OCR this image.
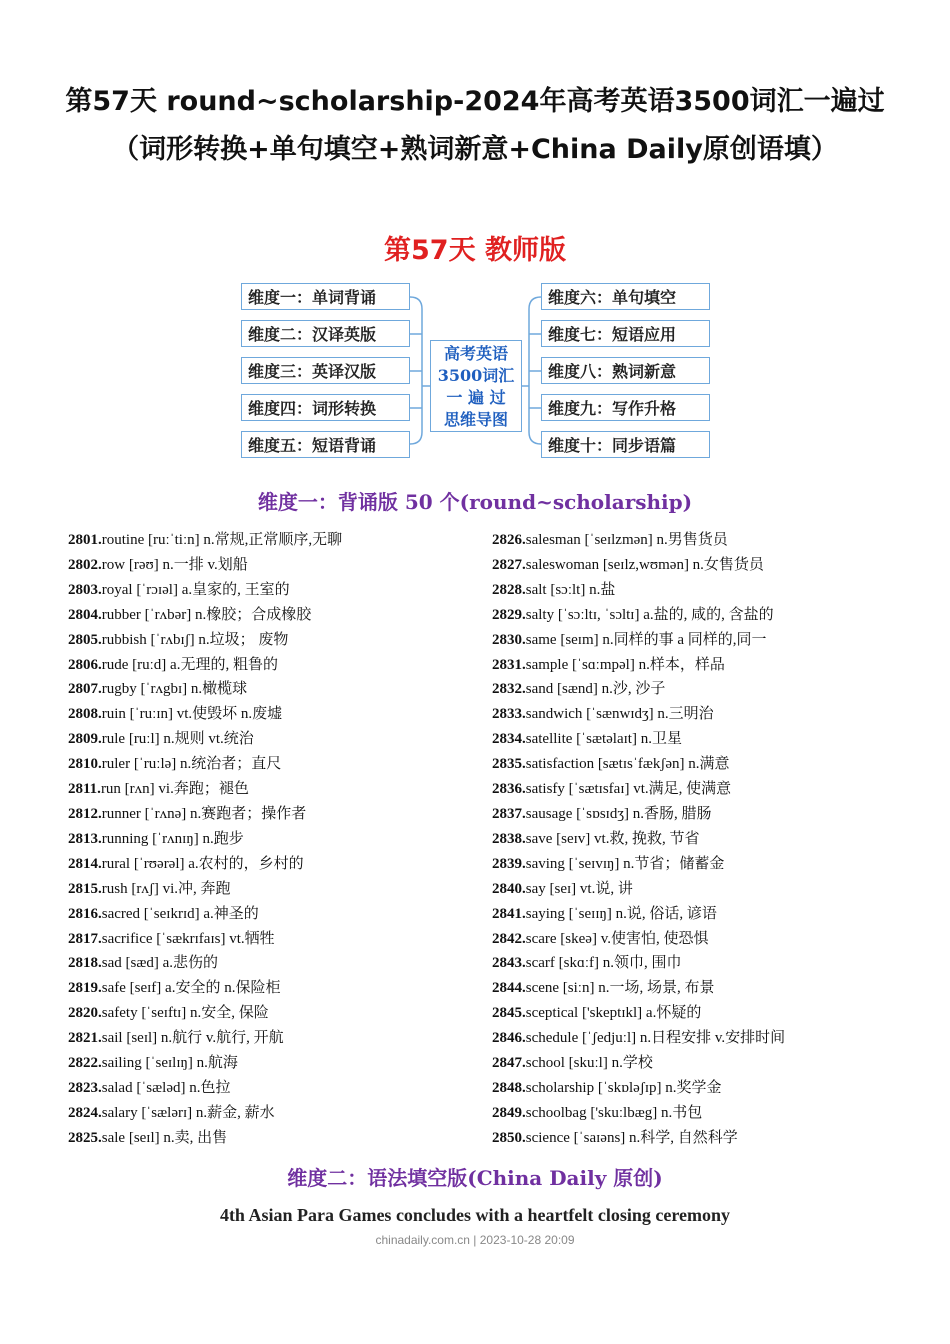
第57天 round~scholarship-2024年高考英语3500词汇一遍过（词形转换+单句填空+熟词新意+China Daily原创语填）
第57天 教师版
维度一：单词背诵
维度二：汉译英版
维度三：英译汉版
维度四：词形转换
维度五：短语背诵
高考英语
3500词汇
一 遍 过
思维导图
维度六：单句填空
维度七：短语应用
维度八：熟词新意
维度九：写作升格
维度十：同步语篇
维度一：背诵版 50 个(round~scholarship)
2801.routine [ruːˈtiːn] n.常规,正常顺序,无聊
2802.row [rəʊ] n.一排 v.划船
2803.royal [ˈrɔɪəl] a.皇家的, 王室的
2804.rubber [ˈrʌbər] n.橡胶；合成橡胶
2805.rubbish [ˈrʌbɪʃ] n.垃圾； 废物
2806.rude [ruːd] a.无理的, 粗鲁的
2807.rugby [ˈrʌgbɪ] n.橄榄球
2808.ruin [ˈruːɪn] vt.使毁坏 n.废墟
2809.rule [ruːl] n.规则 vt.统治
2810.ruler [ˈruːlə] n.统治者；直尺
2811.run [rʌn] vi.奔跑；褪色
2812.runner [ˈrʌnə] n.赛跑者；操作者
2813.running [ˈrʌnɪŋ] n.跑步
2814.rural [ˈrʊərəl] a.农村的，乡村的
2815.rush [rʌʃ] vi.冲, 奔跑
2816.sacred [ˈseɪkrɪd] a.神圣的
2817.sacrifice [ˈsækrɪfaɪs] vt.牺牲
2818.sad [sæd] a.悲伤的
2819.safe [seɪf] a.安全的 n.保险柜
2820.safety [ˈseɪftɪ] n.安全, 保险
2821.sail [seɪl] n.航行 v.航行, 开航
2822.sailing [ˈseɪlɪŋ] n.航海
2823.salad [ˈsæləd] n.色拉
2824.salary [ˈsælərɪ] n.薪金, 薪水
2825.sale [seɪl] n.卖, 出售
2826.salesman [ˈseɪlzmən] n.男售货员
2827.saleswoman [seɪlz,wʊmən] n.女售货员
2828.salt [sɔːlt] n.盐
2829.salty [ˈsɔːltɪ, ˈsɔltɪ] a.盐的, 咸的, 含盐的
2830.same [seɪm] n.同样的事 a 同样的,同一
2831.sample [ˈsɑːmpəl] n.样本，样品
2832.sand [sænd] n.沙, 沙子
2833.sandwich [ˈsænwɪdʒ] n.三明治
2834.satellite [ˈsætəlaɪt] n.卫星
2835.satisfaction [sætɪsˈfækʃən] n.满意
2836.satisfy [ˈsætɪsfaɪ] vt.满足, 使满意
2837.sausage [ˈsɒsɪdʒ] n.香肠, 腊肠
2838.save [seɪv] vt.救, 挽救, 节省
2839.saving [ˈseɪvɪŋ] n.节省；储蓄金
2840.say [seɪ] vt.说, 讲
2841.saying [ˈseɪɪŋ] n.说, 俗话, 谚语
2842.scare [skeə] v.使害怕, 使恐惧
2843.scarf [skɑːf] n.领巾, 围巾
2844.scene [siːn] n.一场, 场景, 布景
2845.sceptical ['skeptɪkl] a.怀疑的
2846.schedule [ˈʃedjuːl] n.日程安排 v.安排时间
2847.school [skuːl] n.学校
2848.scholarship [ˈskɒləʃɪp] n.奖学金
2849.schoolbag ['skuːlbæg] n.书包
2850.science [ˈsaɪəns] n.科学, 自然科学
维度二：语法填空版(China Daily 原创)
4th Asian Para Games concludes with a heartfelt closing ceremony
chinadaily.com.cn | 2023-10-28 20:09
